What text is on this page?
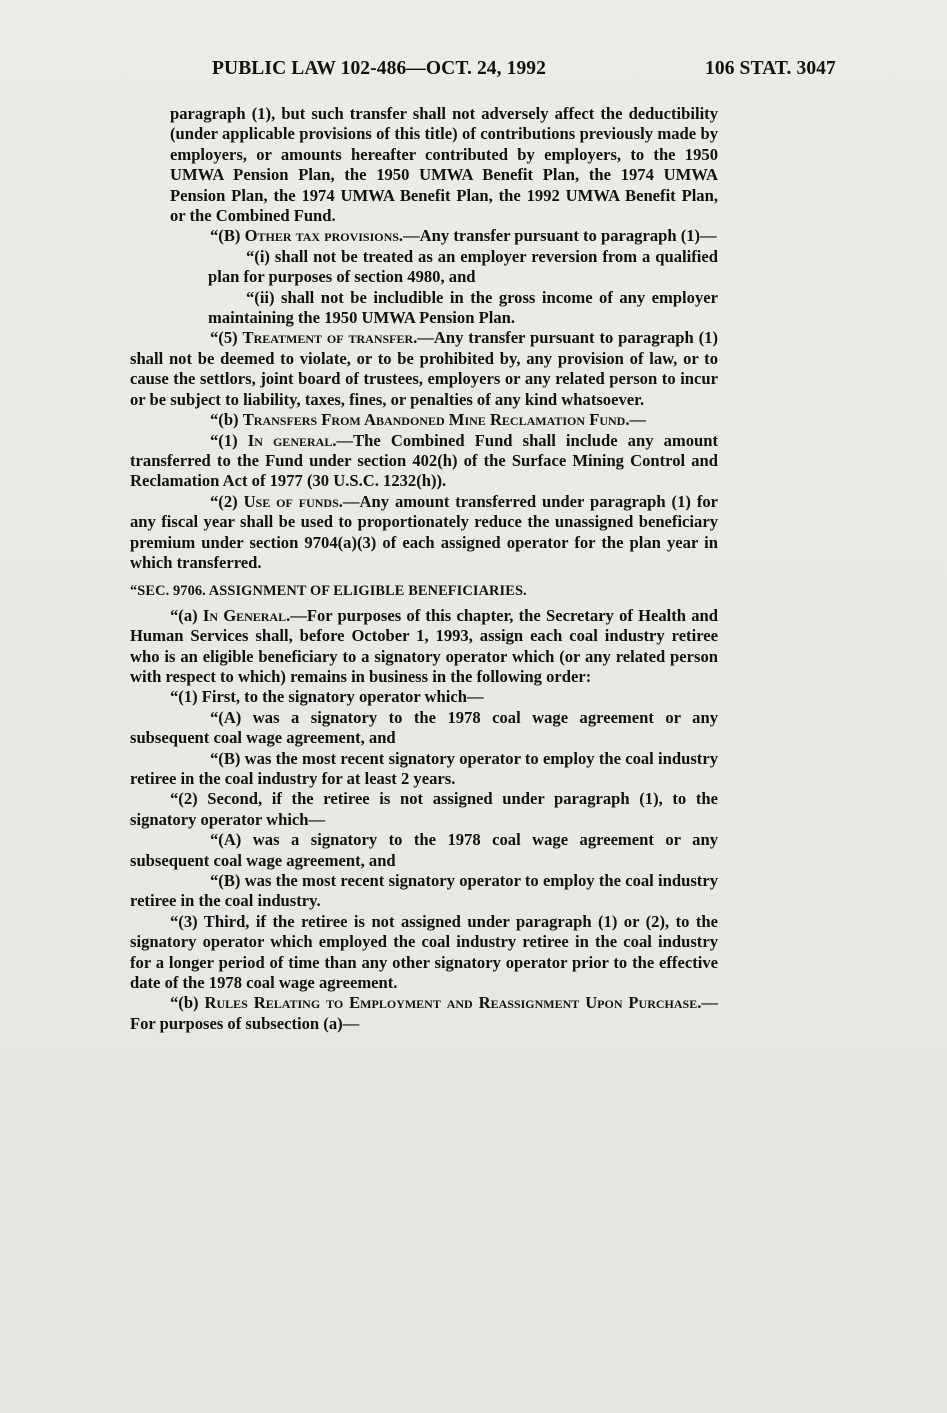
PUBLIC LAW 102-486—OCT. 24, 1992	106 STAT. 3047

paragraph (1), but such transfer shall not adversely affect the deductibility (under applicable provisions of this title) of contributions previously made by employers, or amounts hereafter contributed by employers, to the 1950 UMWA Pension Plan, the 1950 UMWA Benefit Plan, the 1974 UMWA Pension Plan, the 1974 UMWA Benefit Plan, the 1992 UMWA Benefit Plan, or the Combined Fund.

“(B) Other tax provisions.—Any transfer pursuant to paragraph (1)—

“(i) shall not be treated as an employer reversion from a qualified plan for purposes of section 4980, and

“(ii) shall not be includible in the gross income of any employer maintaining the 1950 UMWA Pension Plan.

“(5) Treatment of transfer.—Any transfer pursuant to paragraph (1) shall not be deemed to violate, or to be prohibited by, any provision of law, or to cause the settlors, joint board of trustees, employers or any related person to incur or be subject to liability, taxes, fines, or penalties of any kind whatsoever.

“(b) Transfers From Abandoned Mine Reclamation Fund.—

“(1) In general.—The Combined Fund shall include any amount transferred to the Fund under section 402(h) of the Surface Mining Control and Reclamation Act of 1977 (30 U.S.C. 1232(h)).

“(2) Use of funds.—Any amount transferred under paragraph (1) for any fiscal year shall be used to proportionately reduce the unassigned beneficiary premium under section 9704(a)(3) of each assigned operator for the plan year in which transferred.

“SEC. 9706. ASSIGNMENT OF ELIGIBLE BENEFICIARIES.

“(a) In General.—For purposes of this chapter, the Secretary of Health and Human Services shall, before October 1, 1993, assign each coal industry retiree who is an eligible beneficiary to a signatory operator which (or any related person with respect to which) remains in business in the following order:

“(1) First, to the signatory operator which—

“(A) was a signatory to the 1978 coal wage agreement or any subsequent coal wage agreement, and

“(B) was the most recent signatory operator to employ the coal industry retiree in the coal industry for at least 2 years.

“(2) Second, if the retiree is not assigned under paragraph (1), to the signatory operator which—

“(A) was a signatory to the 1978 coal wage agreement or any subsequent coal wage agreement, and

“(B) was the most recent signatory operator to employ the coal industry retiree in the coal industry.

“(3) Third, if the retiree is not assigned under paragraph (1) or (2), to the signatory operator which employed the coal industry retiree in the coal industry for a longer period of time than any other signatory operator prior to the effective date of the 1978 coal wage agreement.

“(b) Rules Relating to Employment and Reassignment Upon Purchase.—For purposes of subsection (a)—
